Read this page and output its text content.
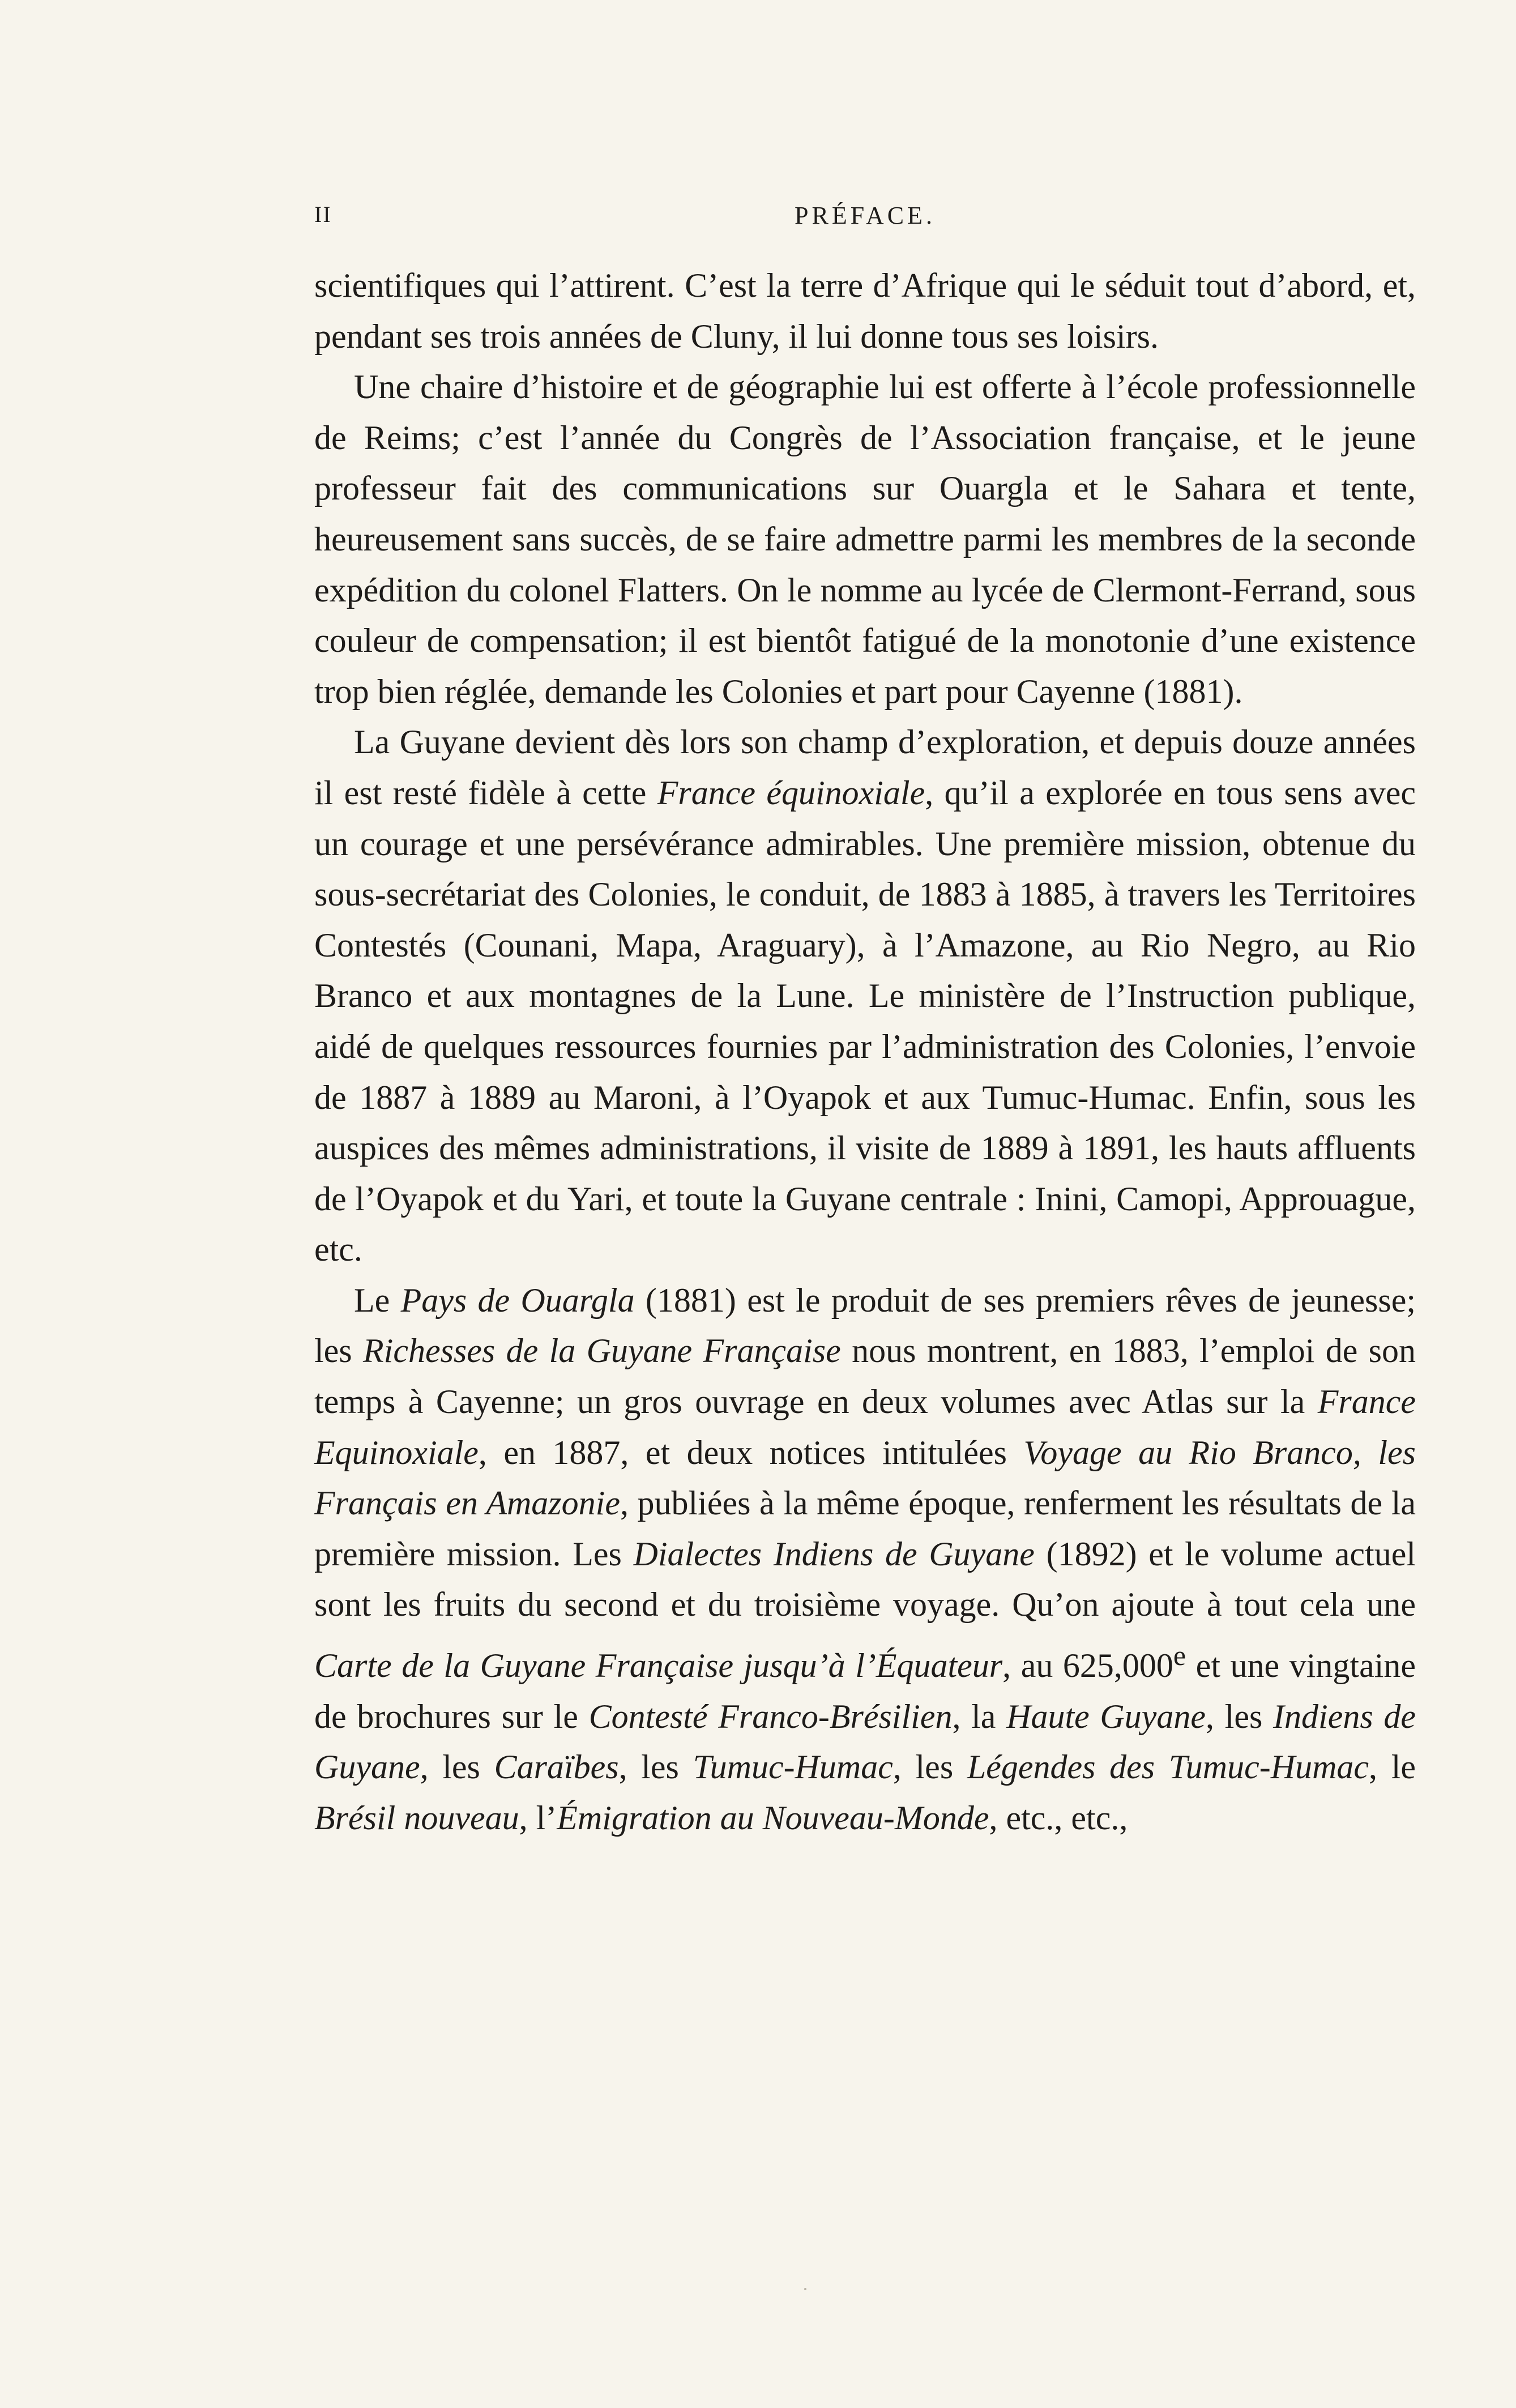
II	PRÉFACE.

scientifiques qui l’attirent. C’est la terre d’Afrique qui le séduit tout d’abord, et, pendant ses trois années de Cluny, il lui donne tous ses loisirs.

Une chaire d’histoire et de géographie lui est offerte à l’école professionnelle de Reims; c’est l’année du Congrès de l’Association française, et le jeune professeur fait des communications sur Ouargla et le Sahara et tente, heureusement sans succès, de se faire admettre parmi les membres de la seconde expédition du colonel Flatters. On le nomme au lycée de Clermont-Ferrand, sous couleur de compensation; il est bientôt fatigué de la monotonie d’une existence trop bien réglée, demande les Colonies et part pour Cayenne (1881).

La Guyane devient dès lors son champ d’exploration, et depuis douze années il est resté fidèle à cette France équinoxiale, qu’il a explorée en tous sens avec un courage et une persévérance admirables. Une première mission, obtenue du sous-secrétariat des Colonies, le conduit, de 1883 à 1885, à travers les Territoires Contestés (Counani, Mapa, Araguary), à l’Amazone, au Rio Negro, au Rio Branco et aux montagnes de la Lune. Le ministère de l’Instruction publique, aidé de quelques ressources fournies par l’administration des Colonies, l’envoie de 1887 à 1889 au Maroni, à l’Oyapok et aux Tumuc-Humac. Enfin, sous les auspices des mêmes administrations, il visite de 1889 à 1891, les hauts affluents de l’Oyapok et du Yari, et toute la Guyane centrale : Inini, Camopi, Approuague, etc.

Le Pays de Ouargla (1881) est le produit de ses premiers rêves de jeunesse; les Richesses de la Guyane Française nous montrent, en 1883, l’emploi de son temps à Cayenne; un gros ouvrage en deux volumes avec Atlas sur la France Equinoxiale, en 1887, et deux notices intitulées Voyage au Rio Branco, les Français en Amazonie, publiées à la même époque, renferment les résultats de la première mission. Les Dialectes Indiens de Guyane (1892) et le volume actuel sont les fruits du second et du troisième voyage. Qu’on ajoute à tout cela une Carte de la Guyane Française jusqu’à l’Équateur, au 625,000e et une vingtaine de brochures sur le Contesté Franco-Brésilien, la Haute Guyane, les Indiens de Guyane, les Caraïbes, les Tumuc-Humac, les Légendes des Tumuc-Humac, le Brésil nouveau, l’Émigration au Nouveau-Monde, etc., etc.,
